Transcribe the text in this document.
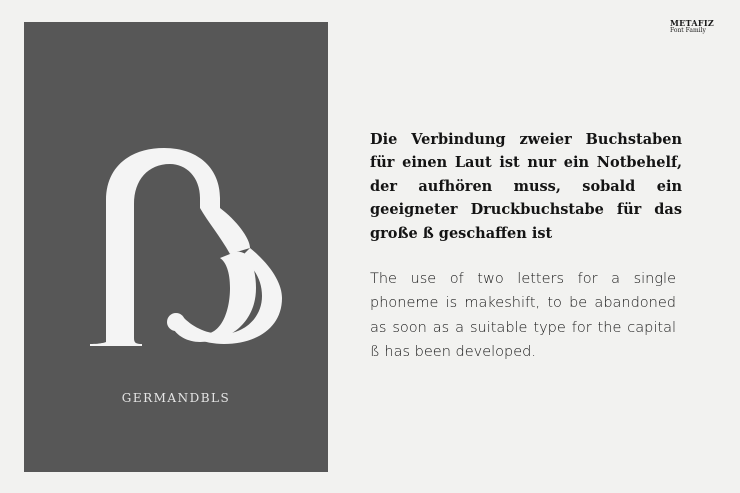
METAFIZ
Font Family
GERMANDBLS

Die Verbindung zweier Buchstaben für einen Laut ist nur ein Notbehelf, der aufhören muss, sobald ein geeigneter Druckbuchstabe für das große ß geschaffen ist

The use of two letters for a single phoneme is makeshift, to be abandoned as soon as a suitable type for the capital ß has been developed.
